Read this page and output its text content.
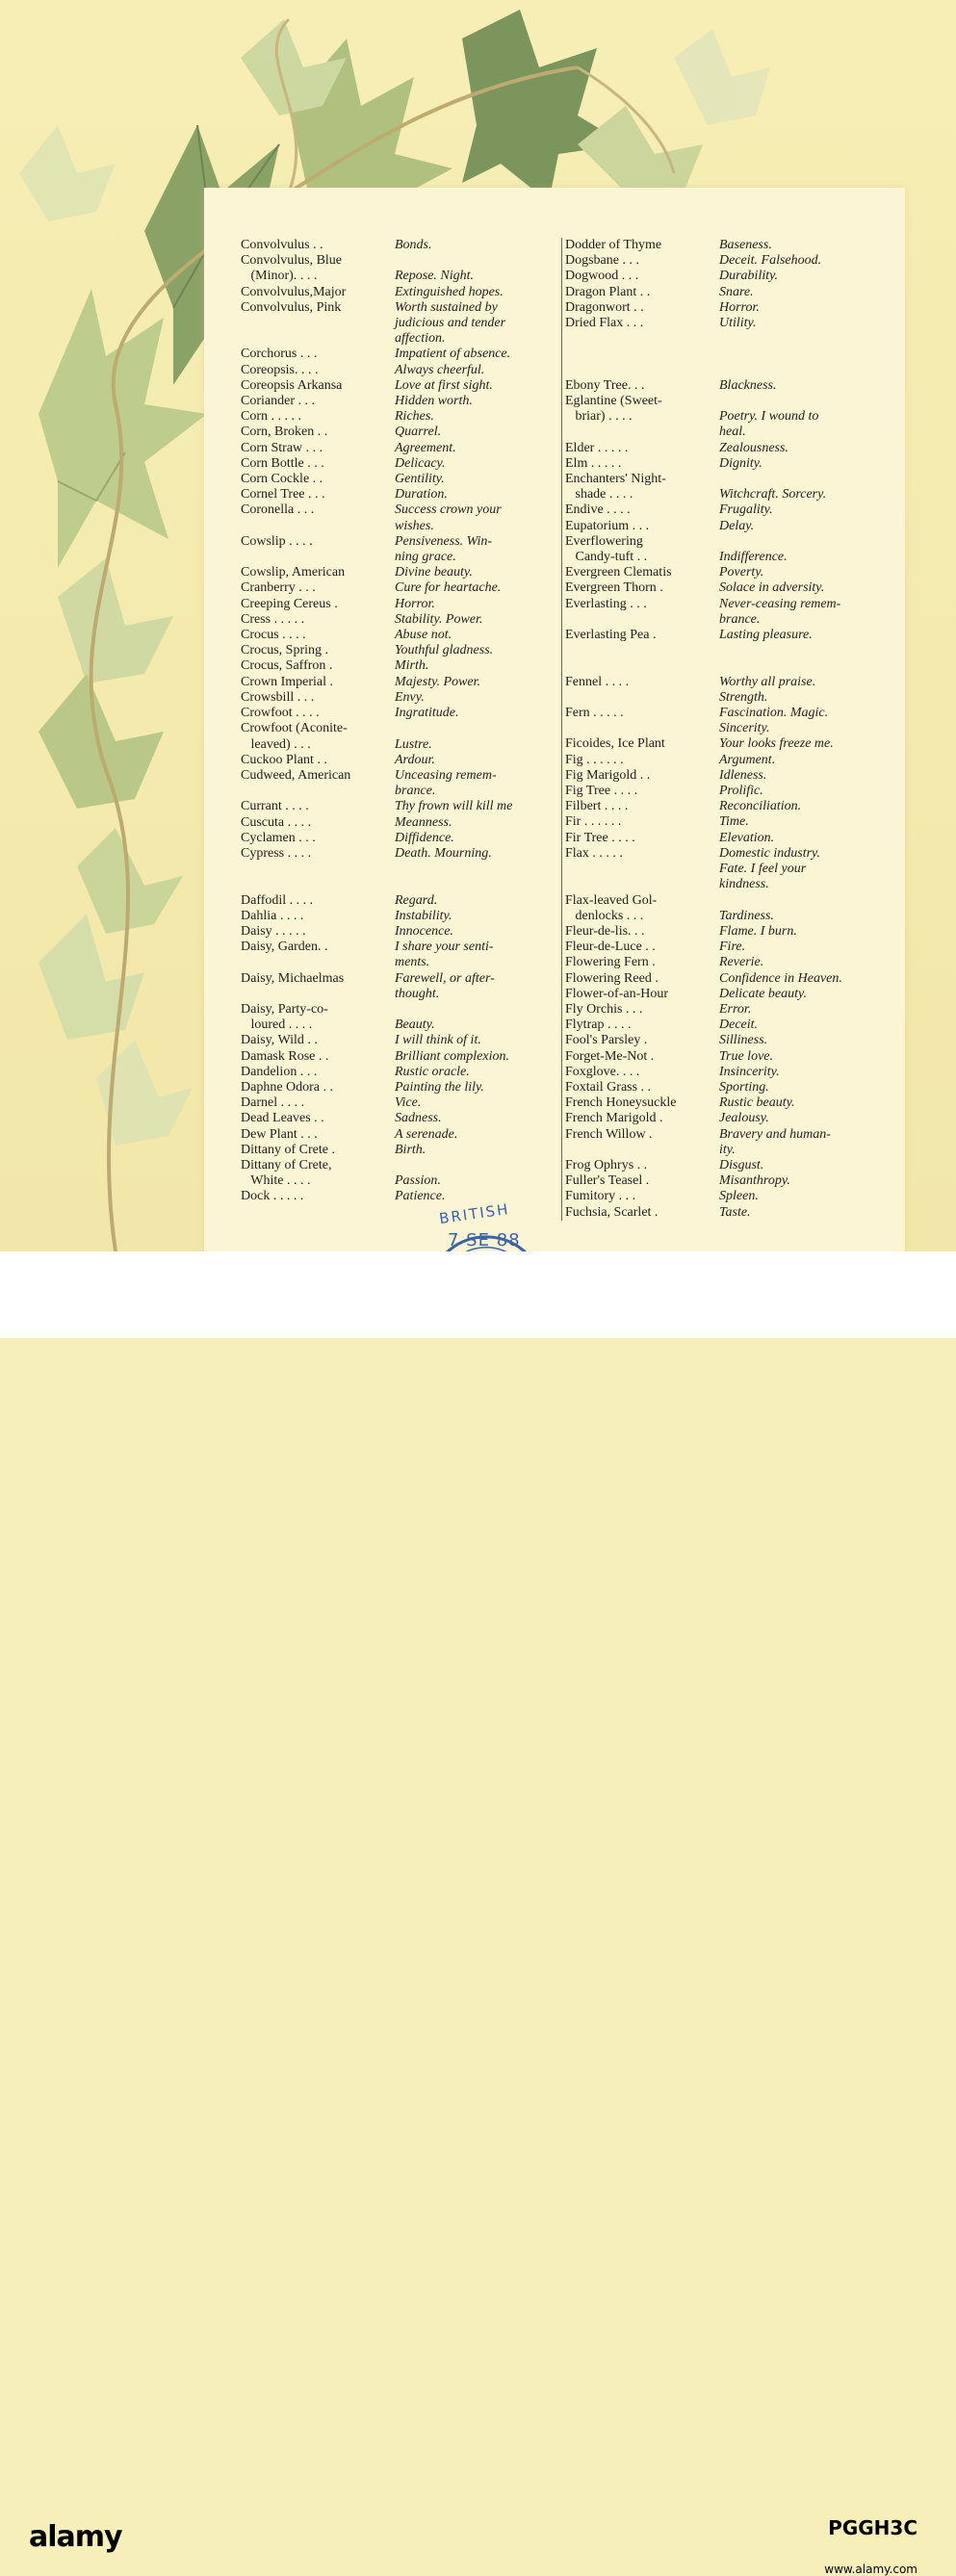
Convolvulus . .	Bonds.
Convolvulus, Blue
(Minor). . . .	Repose. Night.
Convolvulus,Major	Extinguished hopes.
Convolvulus, Pink	Worth sustained by
judicious and tender
affection.
Corchorus . . .	Impatient of absence.
Coreopsis. . . .	Always cheerful.
Coreopsis Arkansa	Love at first sight.
Coriander . . .	Hidden worth.
Corn . . . . .	Riches.
Corn, Broken . .	Quarrel.
Corn Straw . . .	Agreement.
Corn Bottle . . .	Delicacy.
Corn Cockle . .	Gentility.
Cornel Tree . . .	Duration.
Coronella . . .	Success crown your
wishes.
Cowslip . . . .	Pensiveness. Win-
ning grace.
Cowslip, American	Divine beauty.
Cranberry . . .	Cure for heartache.
Creeping Cereus .	Horror.
Cress . . . . .	Stability. Power.
Crocus . . . .	Abuse not.
Crocus, Spring .	Youthful gladness.
Crocus, Saffron .	Mirth.
Crown Imperial .	Majesty. Power.
Crowsbill . . .	Envy.
Crowfoot . . . .	Ingratitude.
Crowfoot (Aconite-
leaved) . . .	Lustre.
Cuckoo Plant . .	Ardour.
Cudweed, American	Unceasing remem-
brance.
Currant . . . .	Thy frown will kill me
Cuscuta . . . .	Meanness.
Cyclamen . . .	Diffidence.
Cypress . . . .	Death. Mourning.
Daffodil . . . .	Regard.
Dahlia . . . .	Instability.
Daisy . . . . .	Innocence.
Daisy, Garden. .	I share your senti-
ments.
Daisy, Michaelmas	Farewell, or after-
thought.
Daisy, Party-co-
loured . . . .	Beauty.
Daisy, Wild . .	I will think of it.
Damask Rose . .	Brilliant complexion.
Dandelion . . .	Rustic oracle.
Daphne Odora . .	Painting the lily.
Darnel . . . .	Vice.
Dead Leaves . .	Sadness.
Dew Plant . . .	A serenade.
Dittany of Crete .	Birth.
Dittany of Crete,
White . . . .	Passion.
Dock . . . . .	Patience.
Dodder of Thyme	Baseness.
Dogsbane . . .	Deceit. Falsehood.
Dogwood . . .	Durability.
Dragon Plant . .	Snare.
Dragonwort . .	Horror.
Dried Flax . . .	Utility.
Ebony Tree. . .	Blackness.
Eglantine (Sweet-
briar) . . . .	Poetry. I wound to
heal.
Elder . . . . .	Zealousness.
Elm . . . . .	Dignity.
Enchanters' Night-
shade . . . .	Witchcraft. Sorcery.
Endive . . . .	Frugality.
Eupatorium . . .	Delay.
Everflowering
Candy-tuft . .	Indifference.
Evergreen Clematis	Poverty.
Evergreen Thorn .	Solace in adversity.
Everlasting . . .	Never-ceasing remem-
brance.
Everlasting Pea .	Lasting pleasure.
Fennel . . . .	Worthy all praise.
Strength.
Fern . . . . .	Fascination. Magic.
Sincerity.
Ficoides, Ice Plant	Your looks freeze me.
Fig . . . . . .	Argument.
Fig Marigold . .	Idleness.
Fig Tree . . . .	Prolific.
Filbert . . . .	Reconciliation.
Fir . . . . . .	Time.
Fir Tree . . . .	Elevation.
Flax . . . . .	Domestic industry.
Fate. I feel your
kindness.
Flax-leaved Gol-
denlocks . . .	Tardiness.
Fleur-de-lis. . .	Flame. I burn.
Fleur-de-Luce . .	Fire.
Flowering Fern .	Reverie.
Flowering Reed .	Confidence in Heaven.
Flower-of-an-Hour	Delicate beauty.
Fly Orchis . . .	Error.
Flytrap . . . .	Deceit.
Fool's Parsley .	Silliness.
Forget-Me-Not .	True love.
Foxglove. . . .	Insincerity.
Foxtail Grass . .	Sporting.
French Honeysuckle	Rustic beauty.
French Marigold .	Jealousy.
French Willow .	Bravery and human-
ity.
Frog Ophrys . .	Disgust.
Fuller's Teasel .	Misanthropy.
Fumitory . . .	Spleen.
Fuchsia, Scarlet .	Taste.
BRITISH
7 SE 88
alamy	PGGH3C
www.alamy.com
